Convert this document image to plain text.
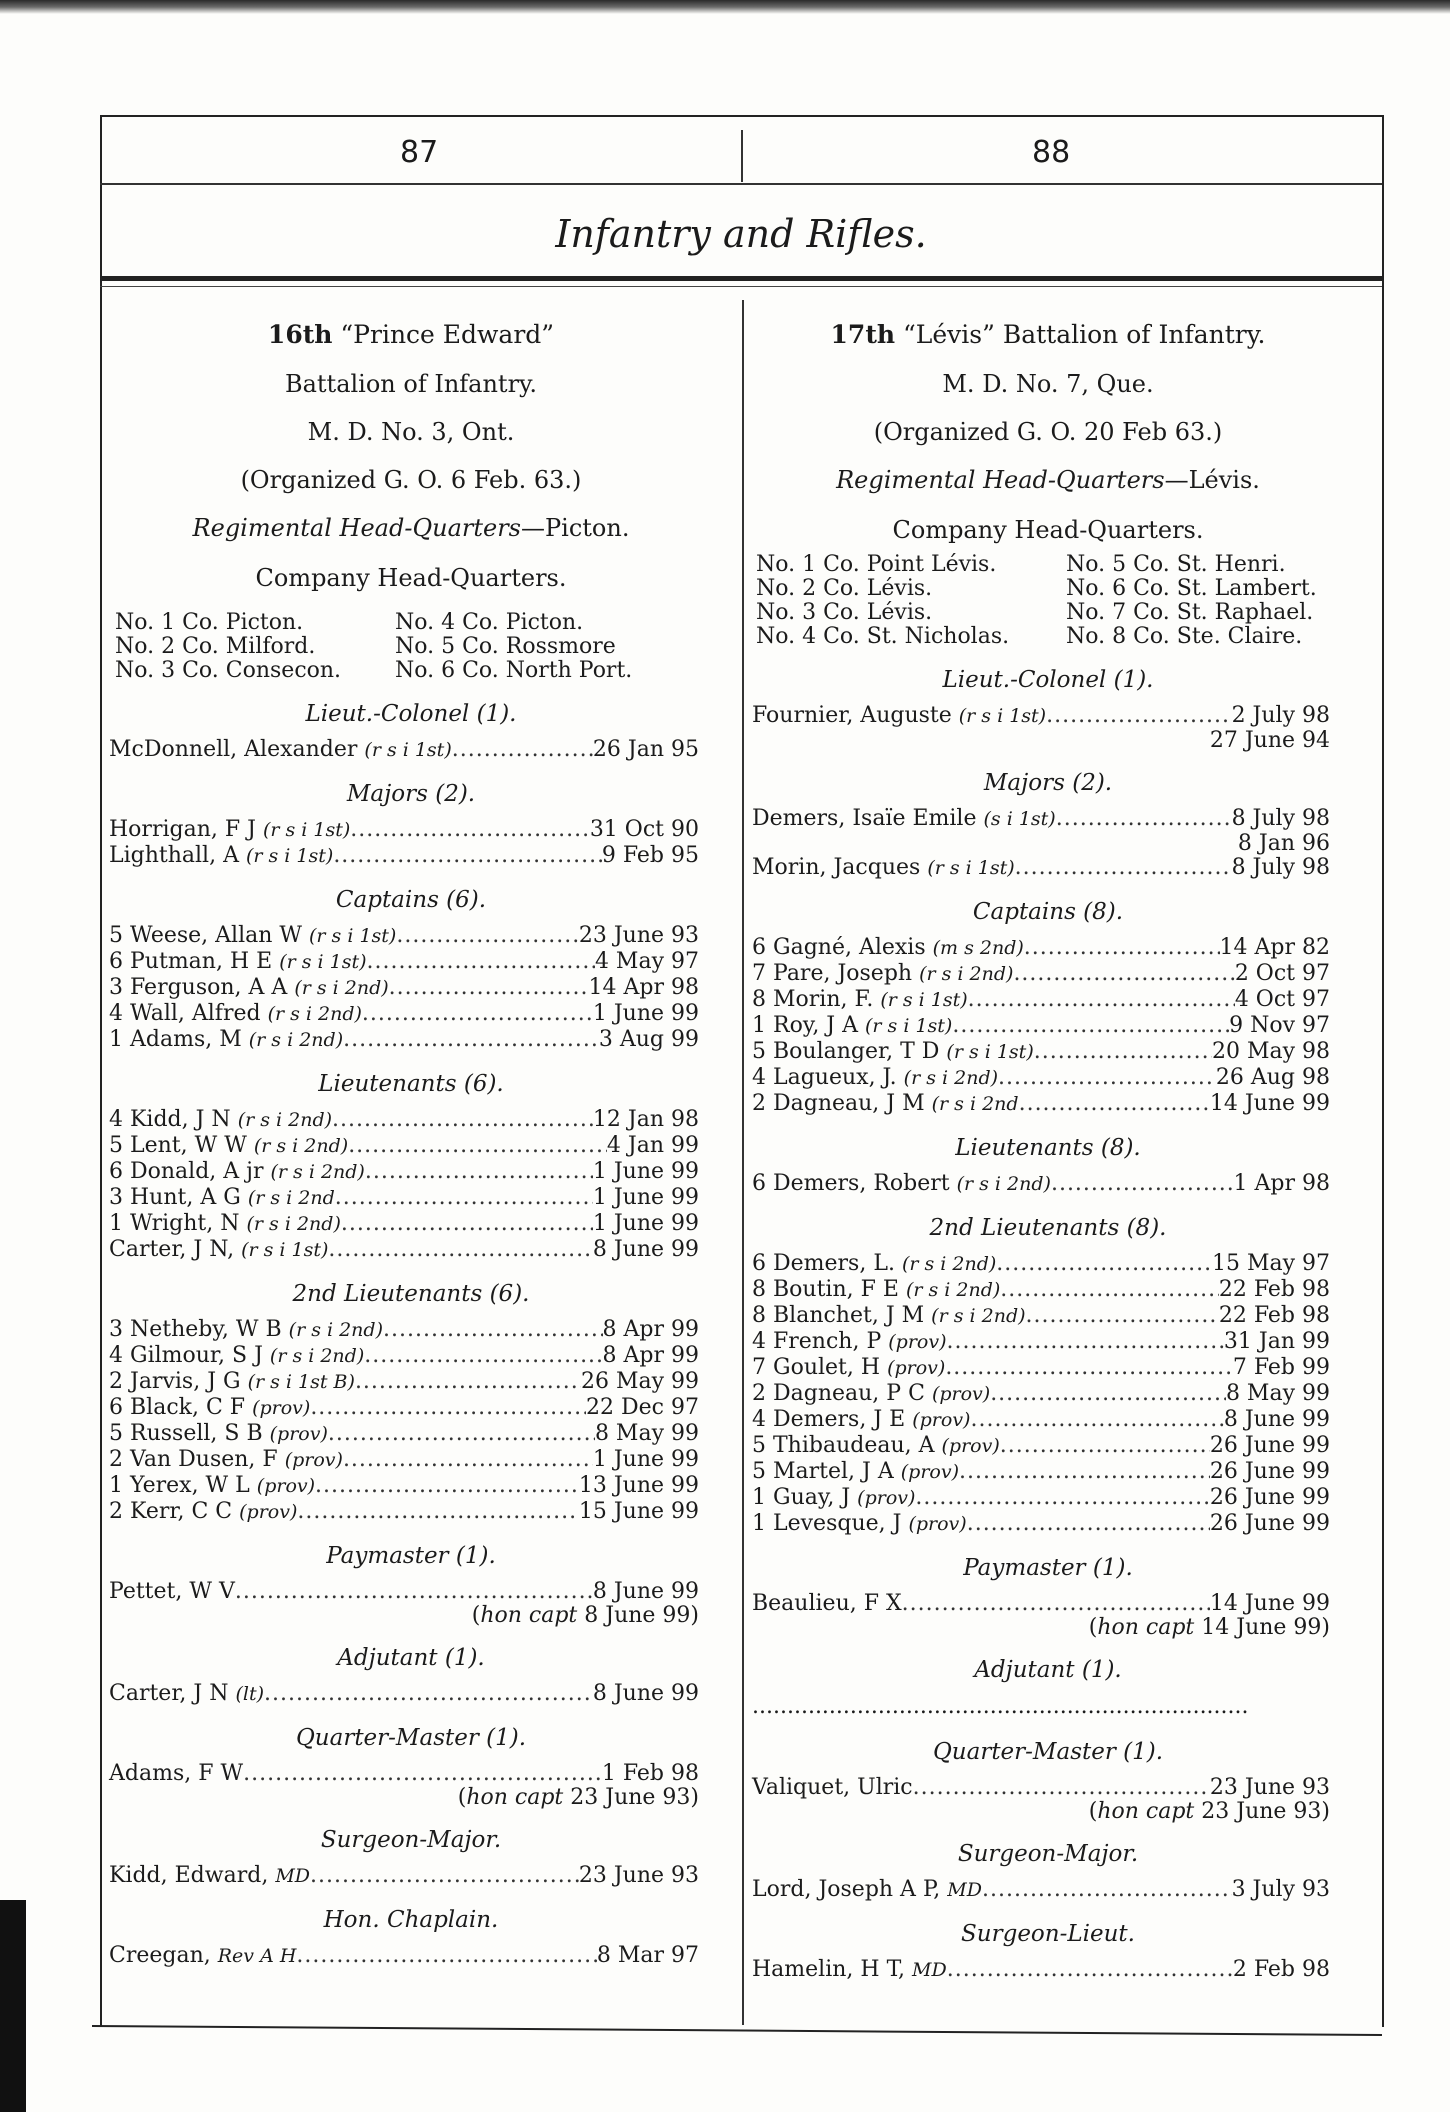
87	88
Infantry and Rifles.
16th “Prince Edward”
Battalion of Infantry.
M. D. No. 3, Ont.
(Organized G. O. 6 Feb. 63.)
Regimental Head-Quarters—Picton.
Company Head-Quarters.
No. 1 Co. Picton.	No. 4 Co. Picton.
No. 2 Co. Milford.	No. 5 Co. Rossmore
No. 3 Co. Consecon.	No. 6 Co. North Port.
Lieut.-Colonel (1).
McDonnell, Alexander (r s i 1st) .....	26 Jan 95
Majors (2).
Horrigan, F J (r s i 1st) .....	31 Oct 90
Lighthall, A (r s i 1st) .....	9 Feb 95
Captains (6).
5 Weese, Allan W (r s i 1st) .....	23 June 93
6 Putman, H E (r s i 1st) .....	4 May 97
3 Ferguson, A A (r s i 2nd) .....	14 Apr 98
4 Wall, Alfred (r s i 2nd) .....	1 June 99
1 Adams, M (r s i 2nd) .....	3 Aug 99
Lieutenants (6).
4 Kidd, J N (r s i 2nd) .....	12 Jan 98
5 Lent, W W (r s i 2nd) .....	4 Jan 99
6 Donald, A jr (r s i 2nd) .....	1 June 99
3 Hunt, A G (r s i 2nd .....	1 June 99
1 Wright, N (r s i 2nd) .....	1 June 99
Carter, J N, (r s i 1st) .....	8 June 99
2nd Lieutenants (6).
3 Netheby, W B (r s i 2nd) .....	8 Apr 99
4 Gilmour, S J (r s i 2nd) .....	8 Apr 99
2 Jarvis, J G (r s i 1st B) .....	26 May 99
6 Black, C F (prov) .....	22 Dec 97
5 Russell, S B (prov) .....	8 May 99
2 Van Dusen, F (prov) .....	1 June 99
1 Yerex, W L (prov) .....	13 June 99
2 Kerr, C C (prov) .....	15 June 99
Paymaster (1).
Pettet, W V .....	8 June 99
(hon capt 8 June 99)
Adjutant (1).
Carter, J N (lt) .....	8 June 99
Quarter-Master (1).
Adams, F W .....	1 Feb 98
(hon capt 23 June 93)
Surgeon-Major.
Kidd, Edward, MD .....	23 June 93
Hon. Chaplain.
Creegan, Rev A H .....	8 Mar 97
17th “Lévis” Battalion of Infantry.
M. D. No. 7, Que.
(Organized G. O. 20 Feb 63.)
Regimental Head-Quarters—Lévis.
Company Head-Quarters.
No. 1 Co. Point Lévis.	No. 5 Co. St. Henri.
No. 2 Co. Lévis.	No. 6 Co. St. Lambert.
No. 3 Co. Lévis.	No. 7 Co. St. Raphael.
No. 4 Co. St. Nicholas.	No. 8 Co. Ste. Claire.
Lieut.-Colonel (1).
Fournier, Auguste (r s i 1st) .....	2 July 98
27 June 94
Majors (2).
Demers, Isaïe Emile (s i 1st) .....	8 July 98
8 Jan 96
Morin, Jacques (r s i 1st) .....	8 July 98
Captains (8).
6 Gagné, Alexis (m s 2nd) .....	14 Apr 82
7 Pare, Joseph (r s i 2nd) .....	2 Oct 97
8 Morin, F. (r s i 1st) .....	4 Oct 97
1 Roy, J A (r s i 1st) .....	9 Nov 97
5 Boulanger, T D (r s i 1st) .....	20 May 98
4 Lagueux, J. (r s i 2nd) .....	26 Aug 98
2 Dagneau, J M (r s i 2nd .....	14 June 99
Lieutenants (8).
6 Demers, Robert (r s i 2nd) .....	1 Apr 98
2nd Lieutenants (8).
6 Demers, L. (r s i 2nd) .....	15 May 97
8 Boutin, F E (r s i 2nd) .....	22 Feb 98
8 Blanchet, J M (r s i 2nd) .....	22 Feb 98
4 French, P (prov) .....	31 Jan 99
7 Goulet, H (prov) .....	7 Feb 99
2 Dagneau, P C (prov) .....	8 May 99
4 Demers, J E (prov) .....	8 June 99
5 Thibaudeau, A (prov) .....	26 June 99
5 Martel, J A (prov) .....	26 June 99
1 Guay, J (prov) .....	26 June 99
1 Levesque, J (prov) .....	26 June 99
Paymaster (1).
Beaulieu, F X .....	14 June 99
(hon capt 14 June 99)
Adjutant (1).
.......................................................................
Quarter-Master (1).
Valiquet, Ulric .....	23 June 93
(hon capt 23 June 93)
Surgeon-Major.
Lord, Joseph A P, MD .....	3 July 93
Surgeon-Lieut.
Hamelin, H T, MD .....	2 Feb 98
